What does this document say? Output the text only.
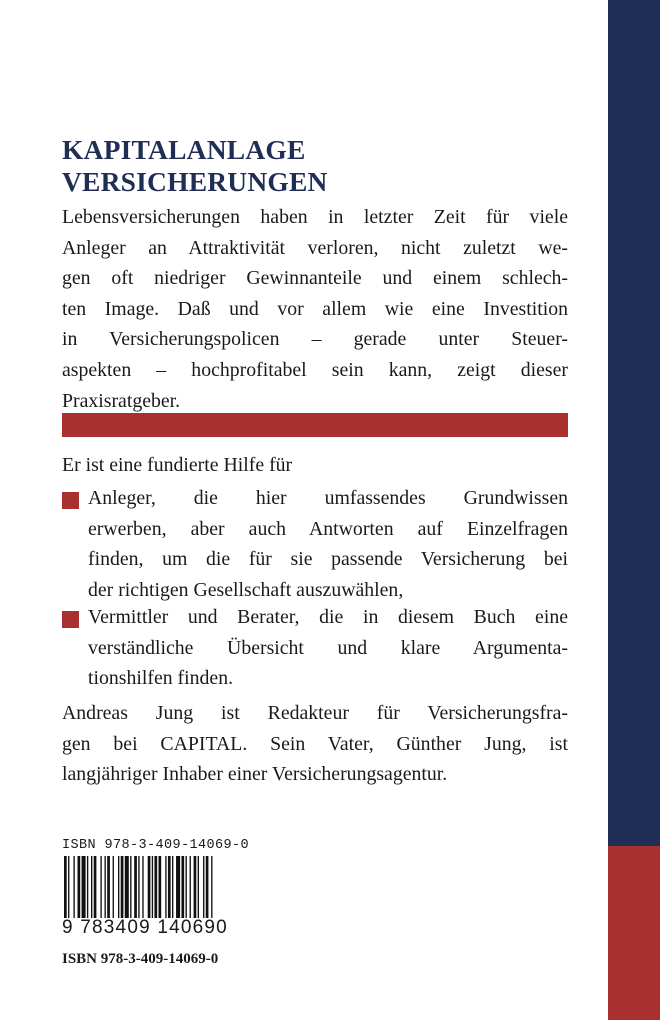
KAPITALANLAGE
VERSICHERUNGEN
Lebensversicherungen haben in letzter Zeit für viele
Anleger an Attraktivität verloren, nicht zuletzt we-
gen oft niedriger Gewinnanteile und einem schlech-
ten Image. Daß und vor allem wie eine Investition
in Versicherungspolicen – gerade unter Steuer-
aspekten – hochprofitabel sein kann, zeigt dieser
Praxisratgeber.
Er ist eine fundierte Hilfe für
Anleger, die hier umfassendes Grundwissen
erwerben, aber auch Antworten auf Einzelfragen
finden, um die für sie passende Versicherung bei
der richtigen Gesellschaft auszuwählen,
Vermittler und Berater, die in diesem Buch eine
verständliche Übersicht und klare Argumenta-
tionshilfen finden.
Andreas Jung ist Redakteur für Versicherungsfra-
gen bei CAPITAL. Sein Vater, Günther Jung, ist
langjähriger Inhaber einer Versicherungsagentur.
ISBN 978-3-409-14069-0
9 783409 140690
ISBN 978-3-409-14069-0
